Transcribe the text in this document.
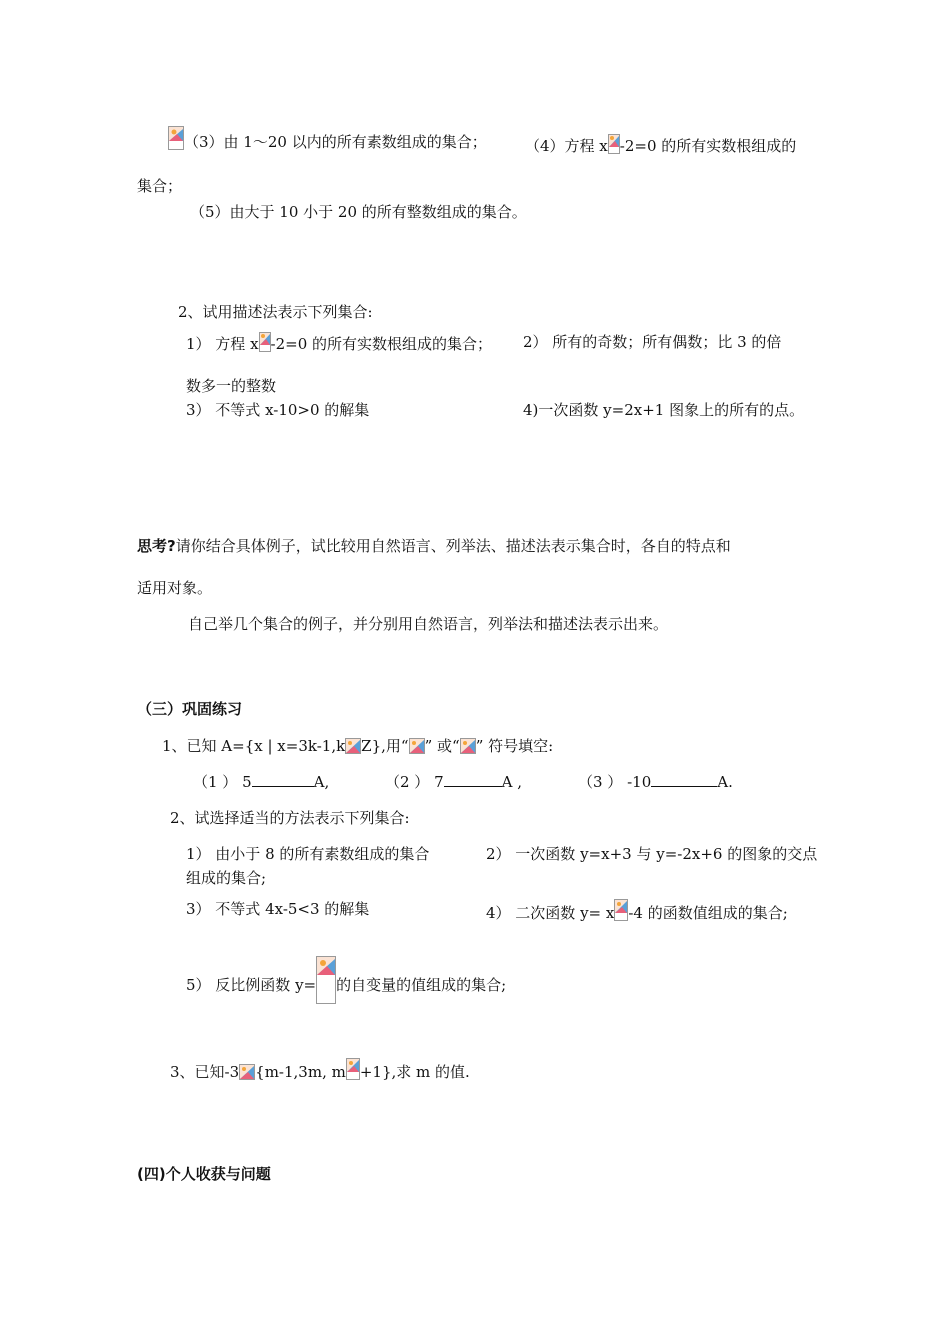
（3）由 1～20 以内的所有素数组成的集合；	（4）方程 x -2=0 的所有实数根组成的
集合；
（5）由大于 10 小于 20 的所有整数组成的集合。
2、试用描述法表示下列集合:
1） 方程 x -2=0 的所有实数根组成的集合； 2） 所有的奇数；所有偶数；比 3 的倍
数多一的整数
3） 不等式 x-10>0 的解集	4)一次函数 y=2x+1 图象上的所有的点。
思考?请你结合具体例子，试比较用自然语言、列举法、描述法表示集合时，各自的特点和
适用对象。
自己举几个集合的例子，并分别用自然语言，列举法和描述法表示出来。
（三）巩固练习
1、已知 A={x | x=3k-1,k Z},用“ ” 或“ ” 符号填空:
（1 ） 5	A,	（2 ） 7	A ,	（3 ） -10	A.
2、试选择适当的方法表示下列集合:
1） 由小于 8 的所有素数组成的集合	2） 一次函数 y=x+3 与 y=-2x+6 的图象的交点
组成的集合;
3） 不等式 4x-5<3 的解集	4） 二次函数 y= x -4 的函数值组成的集合;
5） 反比例函数 y= 的自变量的值组成的集合;
3、已知-3 {m-1,3m, m +1},求 m 的值.
(四)个人收获与问题
